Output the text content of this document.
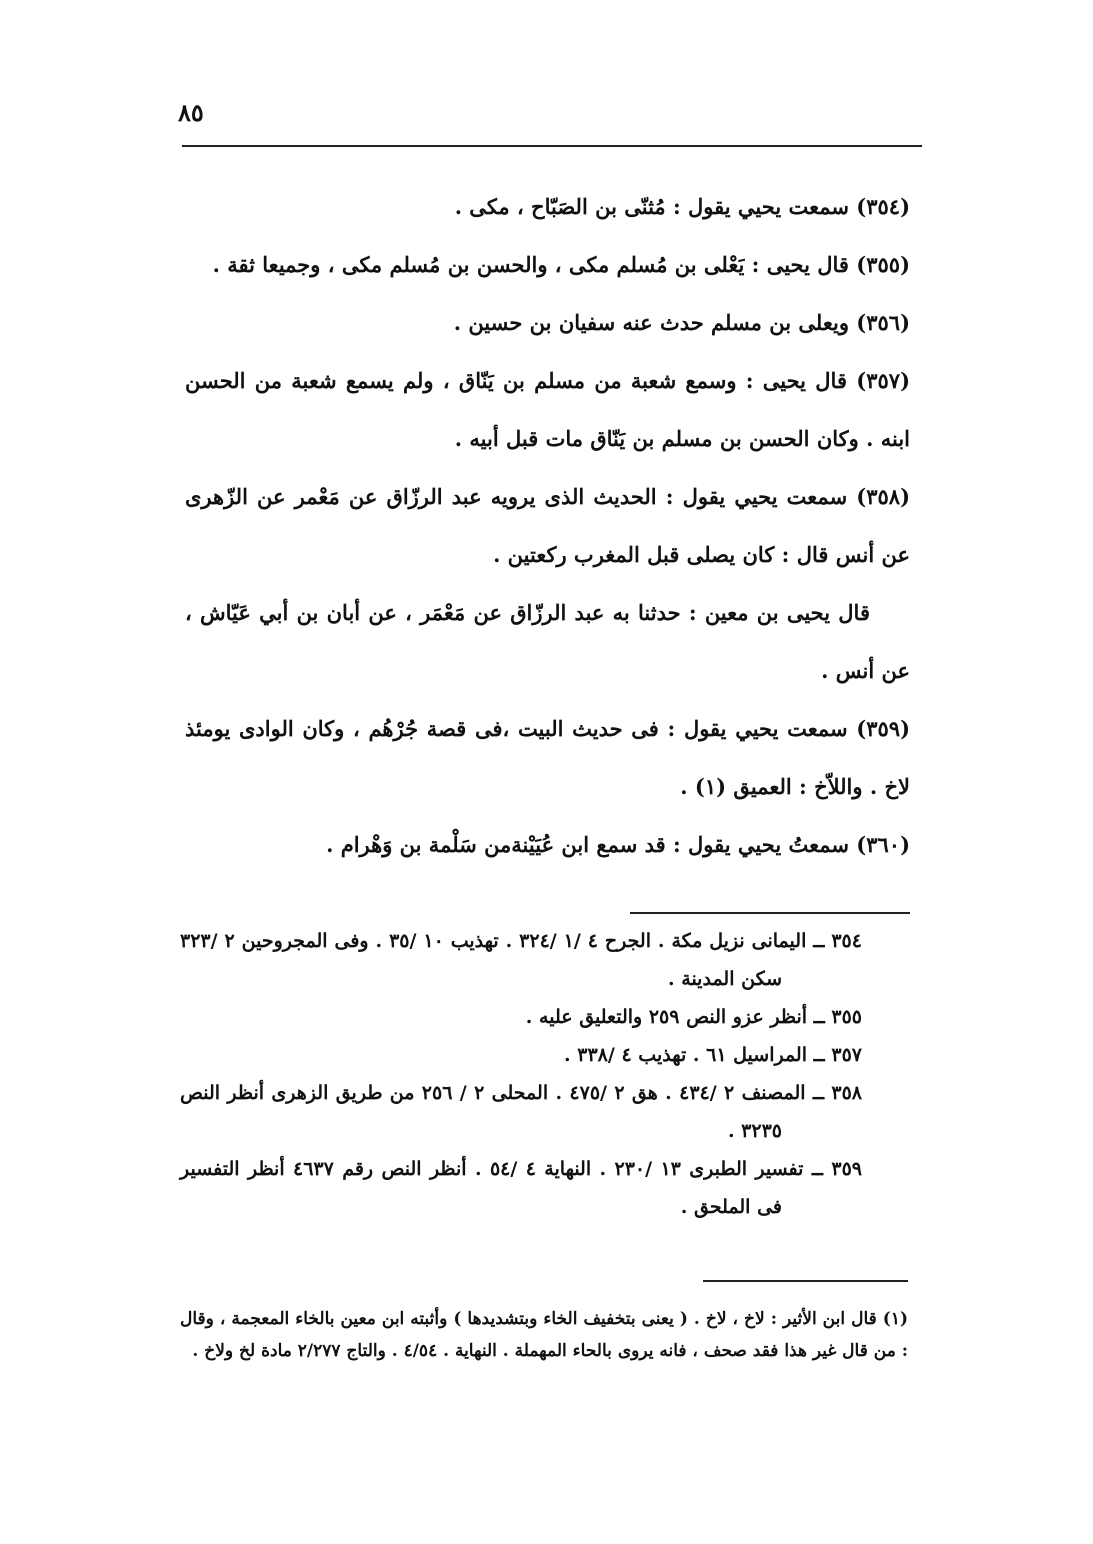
٨٥

(٣٥٤) سمعت يحيي يقول : مُثنّى بن الصَبّاح ، مكى .

(٣٥٥) قال يحيى : يَعْلى بن مُسلم مكى ، والحسن بن مُسلم مكى ، وجميعا ثقة .

(٣٥٦) ويعلى بن مسلم حدث عنه سفيان بن حسين .

(٣٥٧) قال يحيى : وسمع شعبة من مسلم بن يَنّاق ، ولم يسمع شعبة من الحسن ابنه . وكان الحسن بن مسلم بن يَنّاق مات قبل أبيه .

(٣٥٨) سمعت يحيي يقول : الحديث الذى يرويه عبد الرزّاق عن مَعْمر عن الزّهرى عن أنس قال : كان يصلى قبل المغرب ركعتين .

قال يحيى بن معين : حدثنا به عبد الرزّاق عن مَعْمَر ، عن أبان بن أبي عَيّاش ، عن أنس .

(٣٥٩) سمعت يحيي يقول : فى حديث البيت ،فى قصة جُرْهُم ، وكان الوادى يومئذ لاخ . واللاّخ : العميق (١) .

(٣٦٠) سمعتُ يحيي يقول : قد سمع ابن عُيَيْنةمن سَلْمة بن وَهْرام .

٣٥٤ ــ اليمانى نزيل مكة . الجرح ٤ /١ /٣٢٤ . تهذيب ١٠ /٣٥ . وفى المجروحين ٢ /٣٢٣ سكن المدينة .

٣٥٥ ــ أنظر عزو النص ٢٥٩ والتعليق عليه .

٣٥٧ ــ المراسيل ٦١ . تهذيب ٤ /٣٣٨ .

٣٥٨ ــ المصنف ٢ /٤٣٤ . هق ٢ /٤٧٥ . المحلى ٢ / ٢٥٦ من طريق الزهرى أنظر النص ٣٢٣٥ .

٣٥٩ ــ تفسير الطبرى ١٣ /٢٣٠ . النهاية ٤ /٥٤ . أنظر النص رقم ٤٦٣٧ أنظر التفسير فى الملحق .

(١) قال ابن الأثير : لاخ ، لاخ . ( يعنى بتخفيف الخاء وبتشديدها ) وأثبته ابن معين بالخاء المعجمة ، وقال : من قال غير هذا فقد صحف ، فانه يروى بالحاء المهملة . النهاية . ٤/٥٤ . والتاج ٢/٢٧٧ مادة لخ ولاخ .
